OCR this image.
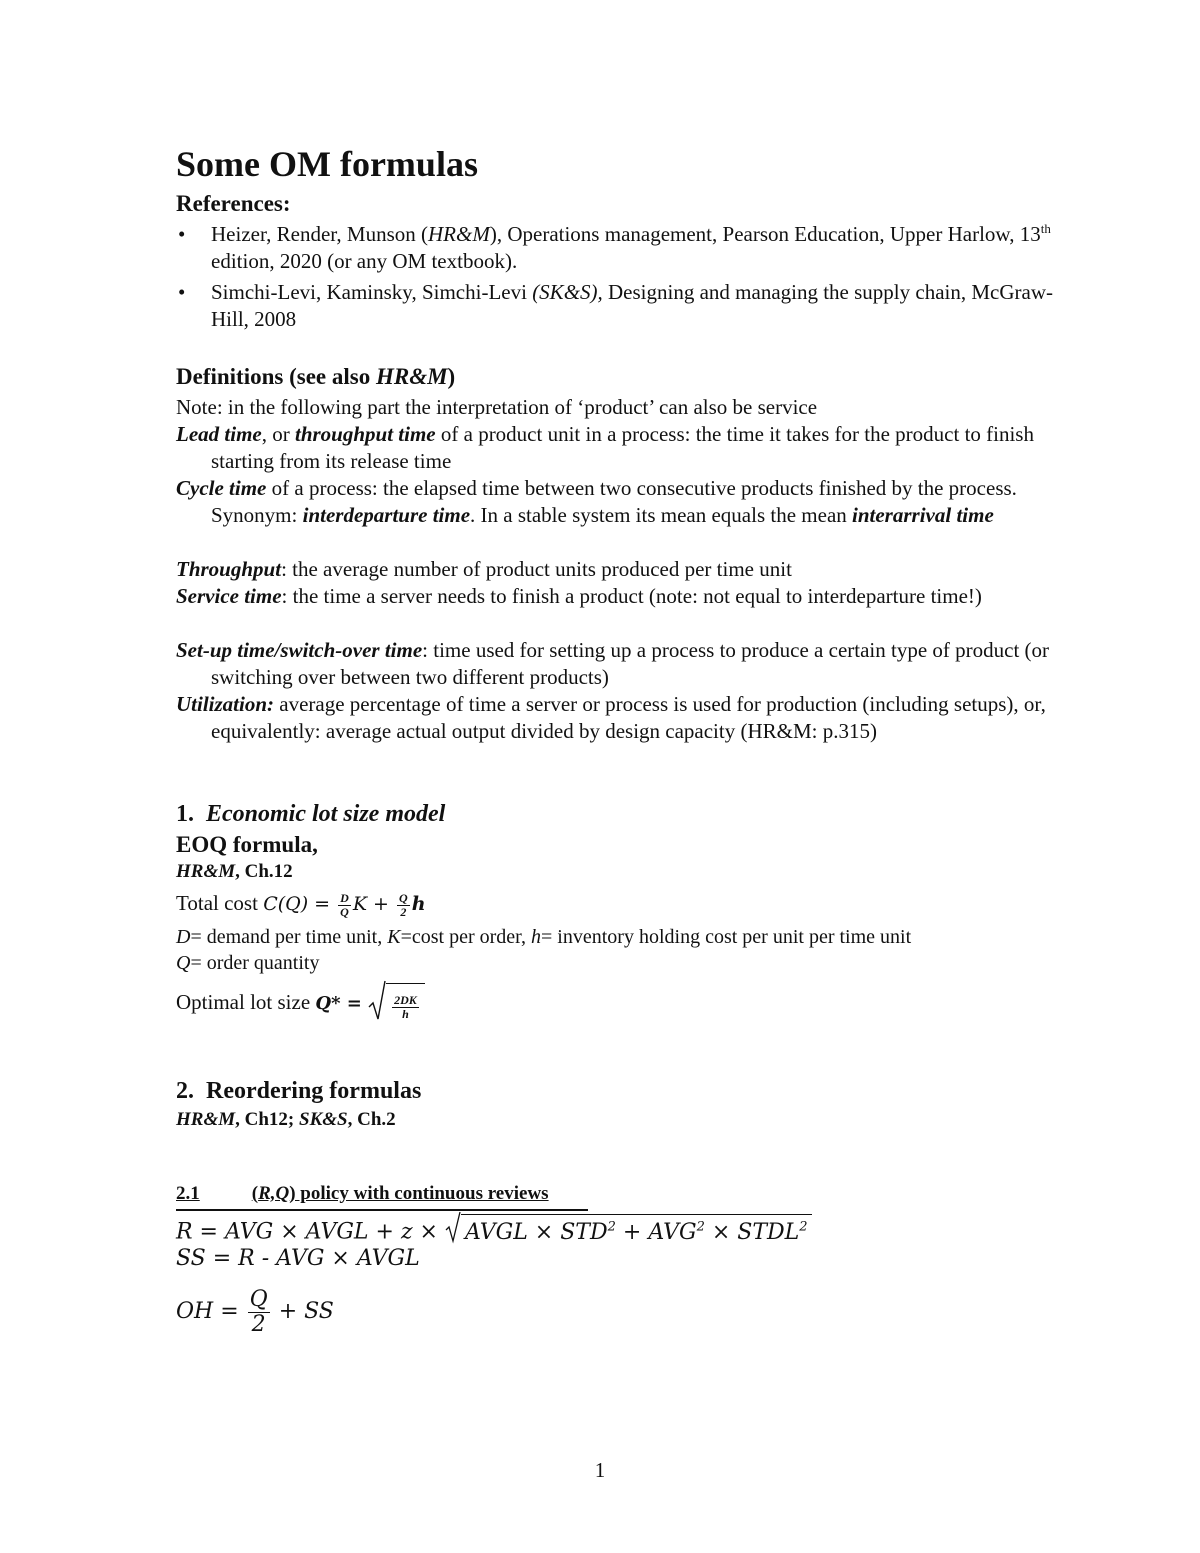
Some OM formulas
References:
• Heizer, Render, Munson (HR&M), Operations management, Pearson Education, Upper Harlow, 13th edition, 2020 (or any OM textbook).
• Simchi-Levi, Kaminsky, Simchi-Levi (SK&S), Designing and managing the supply chain, McGraw-Hill, 2008
Definitions (see also HR&M)
Note: in the following part the interpretation of ‘product’ can also be service
Lead time, or throughput time of a product unit in a process: the time it takes for the product to finish starting from its release time
Cycle time of a process: the elapsed time between two consecutive products finished by the process. Synonym: interdeparture time. In a stable system its mean equals the mean interarrival time
Throughput: the average number of product units produced per time unit
Service time: the time a server needs to finish a product (note: not equal to interdeparture time!)
Set-up time/switch-over time: time used for setting up a process to produce a certain type of product (or switching over between two different products)
Utilization: average percentage of time a server or process is used for production (including setups), or, equivalently: average actual output divided by design capacity (HR&M: p.315)
1. Economic lot size model
EOQ formula,
HR&M, Ch.12
Total cost $C(Q) = \frac{D}{Q}$ $K + \frac{Q}{2}$ h
D= demand per time unit, K=cost per order, h= inventory holding cost per unit per time unit
Q= order quantity
Optimal lot size $Q* = \frac{2DK}{h}$
2. Reordering formulas
HR&M, Ch12; SK&S, Ch.2
2.1	(R,Q) policy with continuous reviews
R = AVG × AVGL + z ×
AVGL × $STD^2 + AVG^2$ × $STDL^2$
SS = R - AVG × AVGL
OH = $\frac{Q}{2}$ + SS
1
